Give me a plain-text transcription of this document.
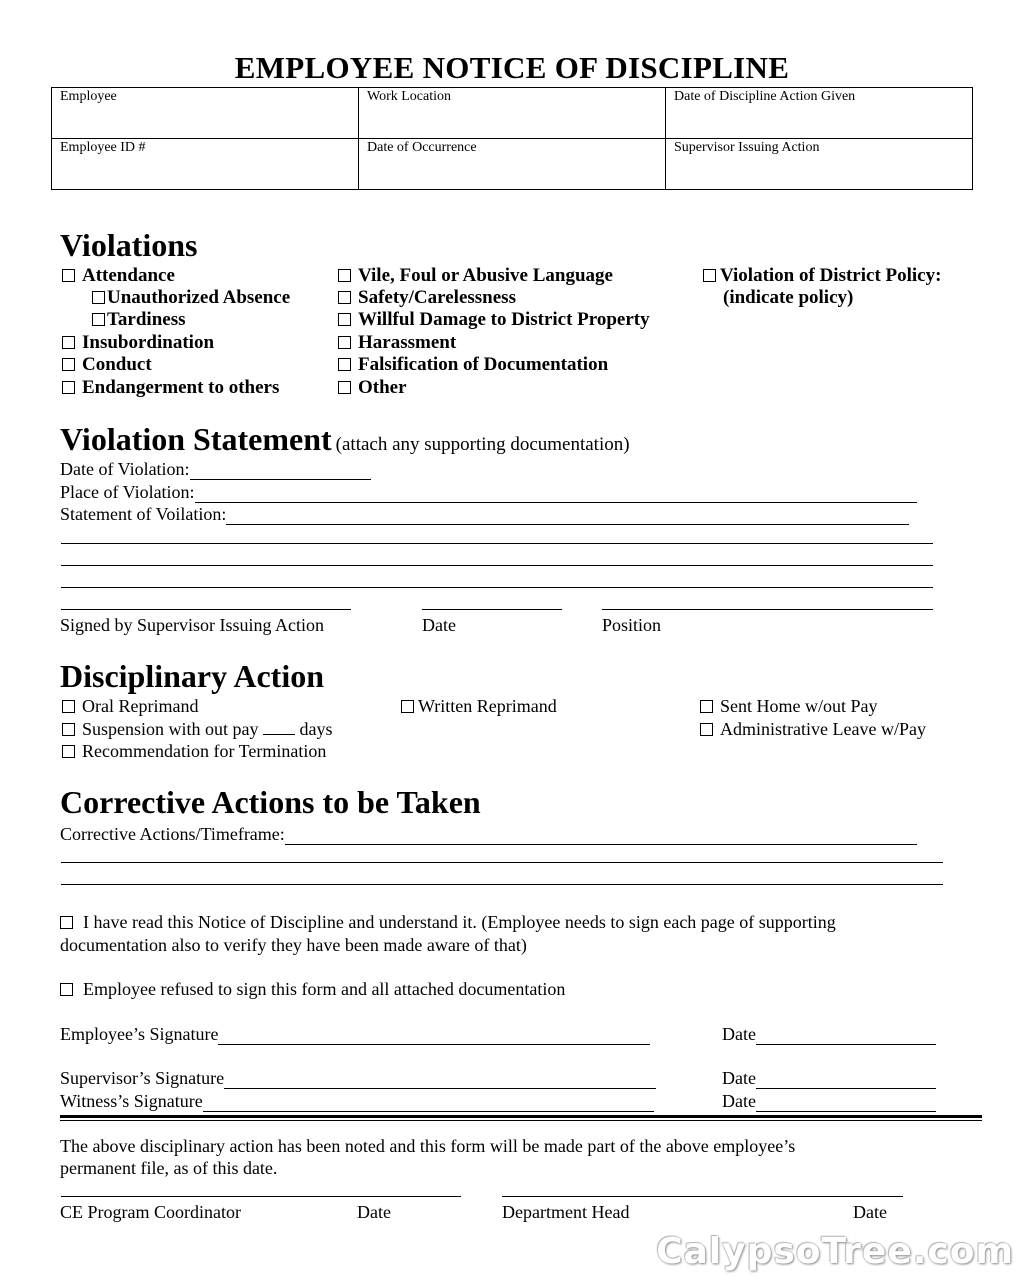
EMPLOYEE NOTICE OF DISCIPLINE
Employee	Work Location	Date of Discipline Action Given
Employee ID #	Date of Occurrence	Supervisor Issuing Action
Violations
Attendance
Unauthorized Absence
Tardiness
Insubordination
Conduct
Endangerment to others
Vile, Foul or Abusive Language
Safety/Carelessness
Willful Damage to District Property
Harassment
Falsification of Documentation
Other
Violation of District Policy:
(indicate policy)
Violation Statement (attach any supporting documentation)
Date of Violation:
Place of Violation:
Statement of Voilation:
Signed by Supervisor Issuing Action	Date	Position
Disciplinary Action
Oral Reprimand
Suspension with out pay days
Recommendation for Termination
Written Reprimand	Sent Home w/out Pay
Administrative Leave w/Pay
Corrective Actions to be Taken
Corrective Actions/Timeframe:
I have read this Notice of Discipline and understand it. (Employee needs to sign each page of supporting
documentation also to verify they have been made aware of that)
Employee refused to sign this form and all attached documentation
Employee’s Signature	Date
Supervisor’s Signature	Date
Witness’s Signature	Date
The above disciplinary action has been noted and this form will be made part of the above employee’s
permanent file, as of this date.
CE Program Coordinator	Date	Department Head	Date
CalypsoTree.com
